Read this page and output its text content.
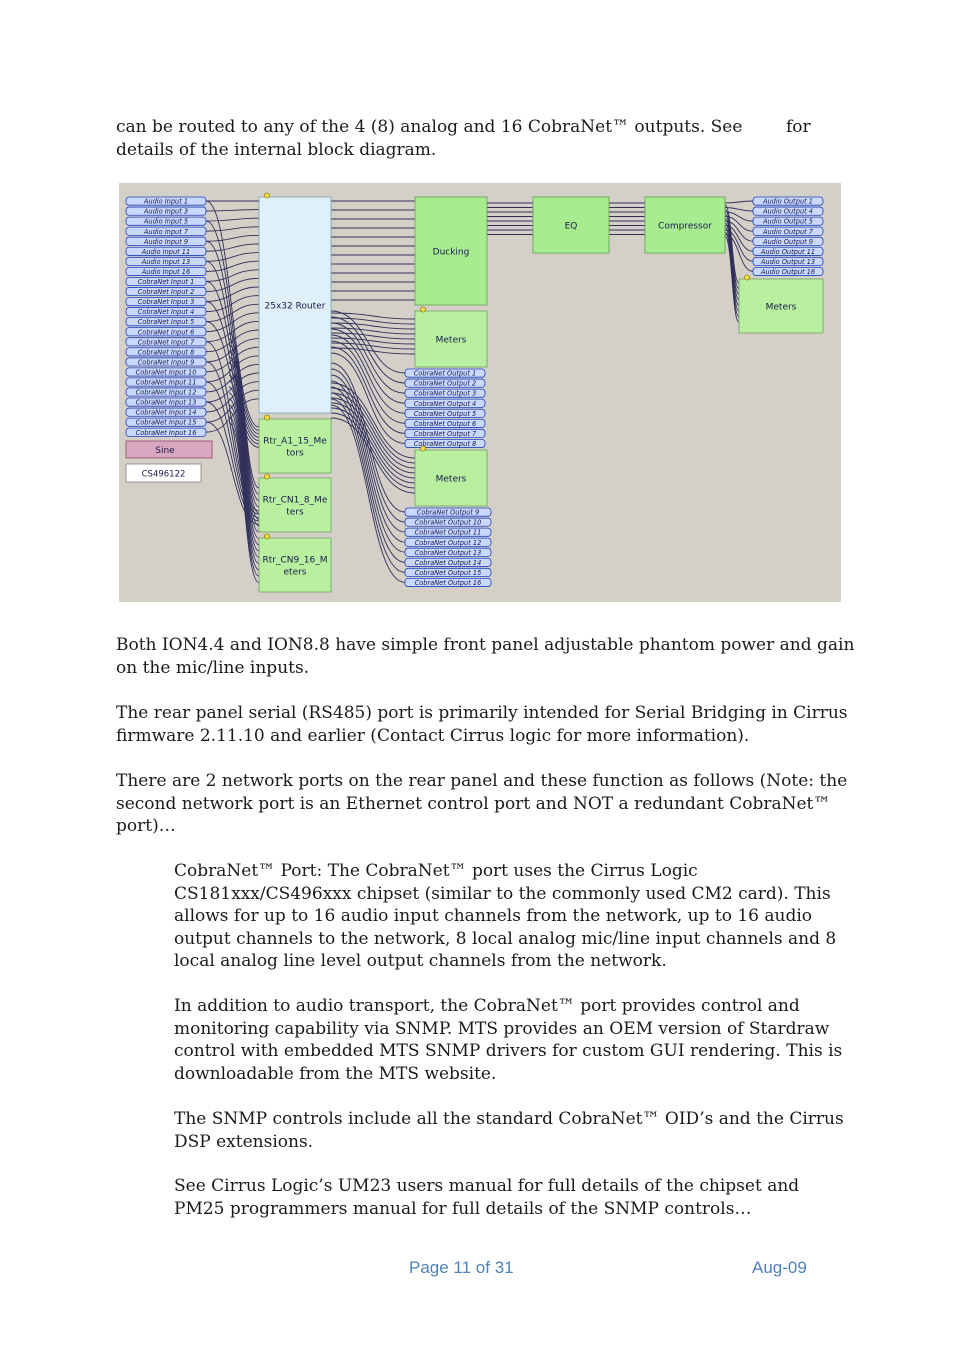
can be routed to any of the 4 (8) analog and 16 CobraNet™ outputs. See	for

details of the internal block diagram.

Audio Input 1
Audio Input 3
Audio Input 5
Audio Input 7
Audio Input 9
Audio Input 11
Audio Input 13
Audio Input 16
CobraNet Input 1
CobraNet Input 2
CobraNet Input 3
CobraNet Input 4
CobraNet Input 5
CobraNet Input 6
CobraNet Input 7
CobraNet Input 8
CobraNet Input 9
CobraNet Input 10
CobraNet Input 11
CobraNet Input 12
CobraNet Input 13
CobraNet Input 14
CobraNet Input 15
CobraNet Input 16
Sine
CS496122
25x32 Router
Rtr_A1_15_Me
tors
Rtr_CN1_8_Me
ters
Rtr_CN9_16_M
eters
Ducking
Meters
CobraNet Output 1
CobraNet Output 2
CobraNet Output 3
CobraNet Output 4
CobraNet Output 5
CobraNet Output 6
CobraNet Output 7
CobraNet Output 8
Meters
CobraNet Output 9
CobraNet Output 10
CobraNet Output 11
CobraNet Output 12
CobraNet Output 13
CobraNet Output 14
CobraNet Output 15
CobraNet Output 16
EQ	Compressor
Audio Output 1
Audio Output 4
Audio Output 5
Audio Output 7
Audio Output 9
Audio Output 11
Audio Output 13
Audio Output 16
Meters

Both ION4.4 and ION8.8 have simple front panel adjustable phantom power and gain on the mic/line inputs.

The rear panel serial (RS485) port is primarily intended for Serial Bridging in Cirrus firmware 2.11.10 and earlier (Contact Cirrus logic for more information).

There are 2 network ports on the rear panel and these function as follows (Note: the second network port is an Ethernet control port and NOT a redundant CobraNet™ port)…

CobraNet™ Port: The CobraNet™ port uses the Cirrus Logic CS181xxx/CS496xxx chipset (similar to the commonly used CM2 card). This allows for up to 16 audio input channels from the network, up to 16 audio output channels to the network, 8 local analog mic/line input channels and 8 local analog line level output channels from the network.

In addition to audio transport, the CobraNet™ port provides control and monitoring capability via SNMP. MTS provides an OEM version of Stardraw control with embedded MTS SNMP drivers for custom GUI rendering. This is downloadable from the MTS website.

The SNMP controls include all the standard CobraNet™ OID’s and the Cirrus DSP extensions.

See Cirrus Logic’s UM23 users manual for full details of the chipset and PM25 programmers manual for full details of the SNMP controls…

Page 11 of 31	Aug-09
